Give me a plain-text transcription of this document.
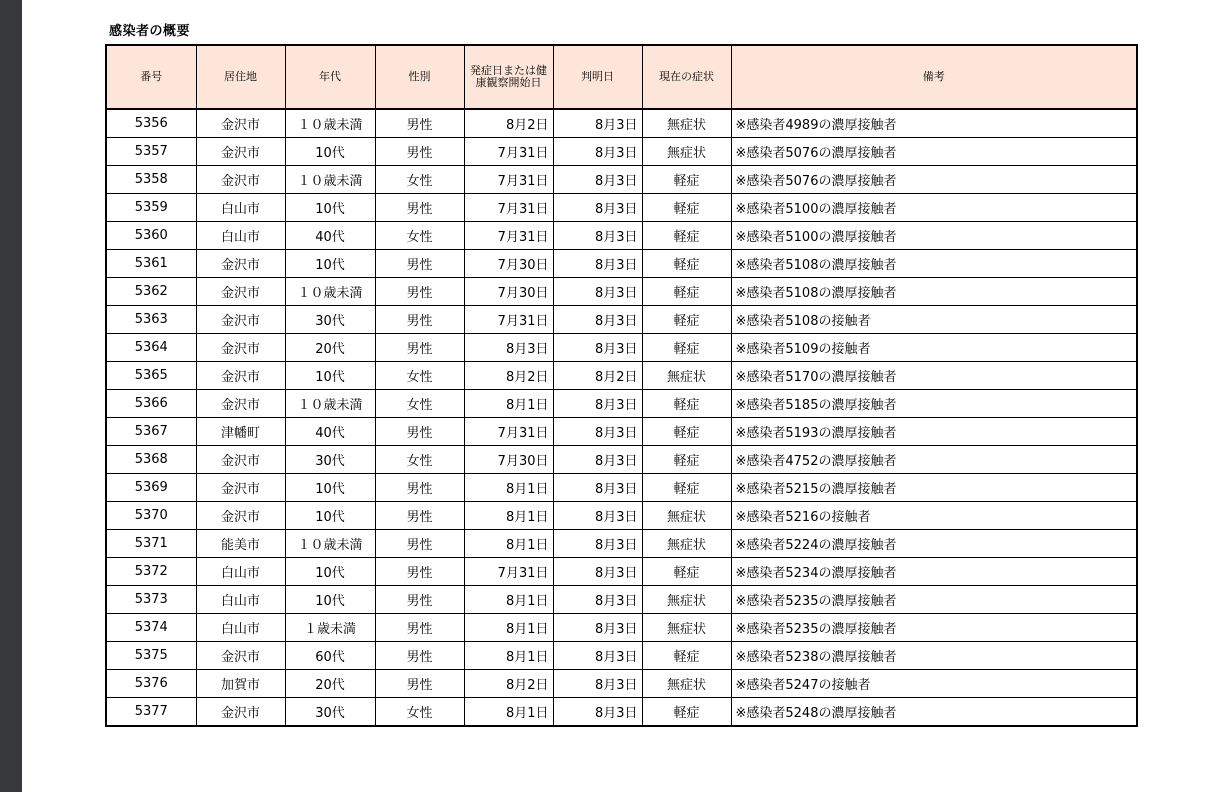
感染者の概要
番号	居住地	年代	性別	発症日または健康観察開始日	判明日	現在の症状	備考
5356	金沢市	１０歳未満	男性	8月2日	8月3日	無症状	※感染者4989の濃厚接触者
5357	金沢市	10代	男性	7月31日	8月3日	無症状	※感染者5076の濃厚接触者
5358	金沢市	１０歳未満	女性	7月31日	8月3日	軽症	※感染者5076の濃厚接触者
5359	白山市	10代	男性	7月31日	8月3日	軽症	※感染者5100の濃厚接触者
5360	白山市	40代	女性	7月31日	8月3日	軽症	※感染者5100の濃厚接触者
5361	金沢市	10代	男性	7月30日	8月3日	軽症	※感染者5108の濃厚接触者
5362	金沢市	１０歳未満	男性	7月30日	8月3日	軽症	※感染者5108の濃厚接触者
5363	金沢市	30代	男性	7月31日	8月3日	軽症	※感染者5108の接触者
5364	金沢市	20代	男性	8月3日	8月3日	軽症	※感染者5109の接触者
5365	金沢市	10代	女性	8月2日	8月2日	無症状	※感染者5170の濃厚接触者
5366	金沢市	１０歳未満	女性	8月1日	8月3日	軽症	※感染者5185の濃厚接触者
5367	津幡町	40代	男性	7月31日	8月3日	軽症	※感染者5193の濃厚接触者
5368	金沢市	30代	女性	7月30日	8月3日	軽症	※感染者4752の濃厚接触者
5369	金沢市	10代	男性	8月1日	8月3日	軽症	※感染者5215の濃厚接触者
5370	金沢市	10代	男性	8月1日	8月3日	無症状	※感染者5216の接触者
5371	能美市	１０歳未満	男性	8月1日	8月3日	無症状	※感染者5224の濃厚接触者
5372	白山市	10代	男性	7月31日	8月3日	軽症	※感染者5234の濃厚接触者
5373	白山市	10代	男性	8月1日	8月3日	無症状	※感染者5235の濃厚接触者
5374	白山市	１歳未満	男性	8月1日	8月3日	無症状	※感染者5235の濃厚接触者
5375	金沢市	60代	男性	8月1日	8月3日	軽症	※感染者5238の濃厚接触者
5376	加賀市	20代	男性	8月2日	8月3日	無症状	※感染者5247の接触者
5377	金沢市	30代	女性	8月1日	8月3日	軽症	※感染者5248の濃厚接触者
